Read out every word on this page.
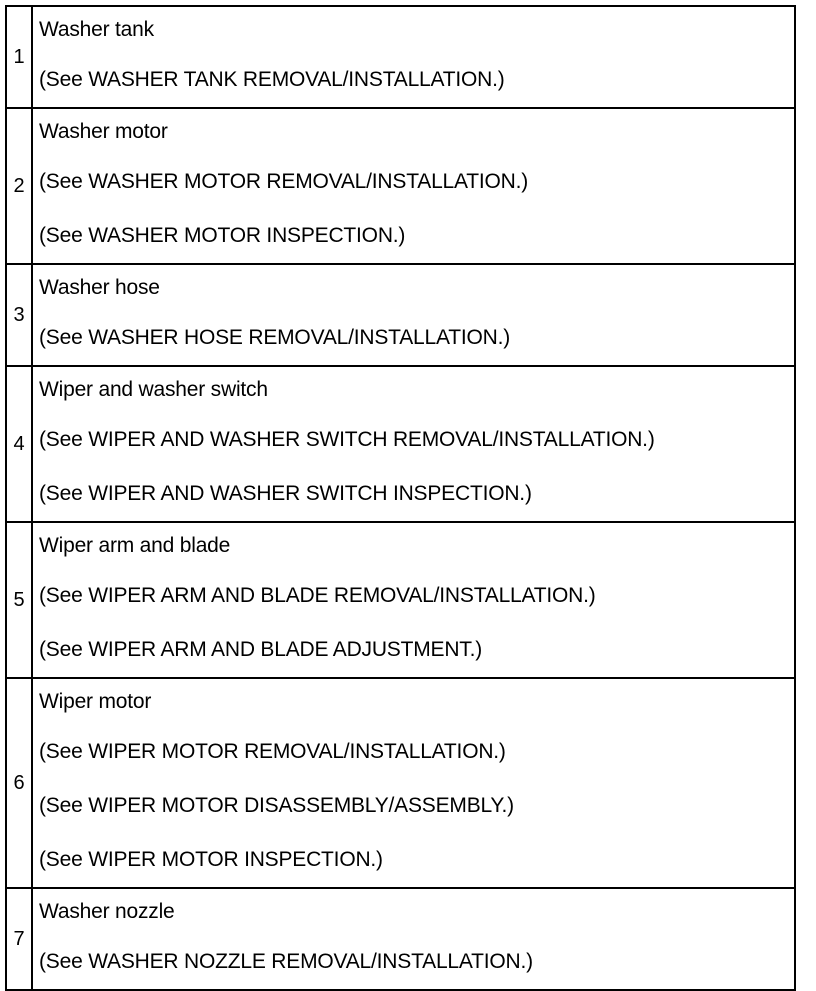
1	Washer tank
(See WASHER TANK REMOVAL/INSTALLATION.)

2	Washer motor
(See WASHER MOTOR REMOVAL/INSTALLATION.)
(See WASHER MOTOR INSPECTION.)

3	Washer hose
(See WASHER HOSE REMOVAL/INSTALLATION.)

4	Wiper and washer switch
(See WIPER AND WASHER SWITCH REMOVAL/INSTALLATION.)
(See WIPER AND WASHER SWITCH INSPECTION.)

5	Wiper arm and blade
(See WIPER ARM AND BLADE REMOVAL/INSTALLATION.)
(See WIPER ARM AND BLADE ADJUSTMENT.)

6	Wiper motor
(See WIPER MOTOR REMOVAL/INSTALLATION.)
(See WIPER MOTOR DISASSEMBLY/ASSEMBLY.)
(See WIPER MOTOR INSPECTION.)

7	Washer nozzle
(See WASHER NOZZLE REMOVAL/INSTALLATION.)
